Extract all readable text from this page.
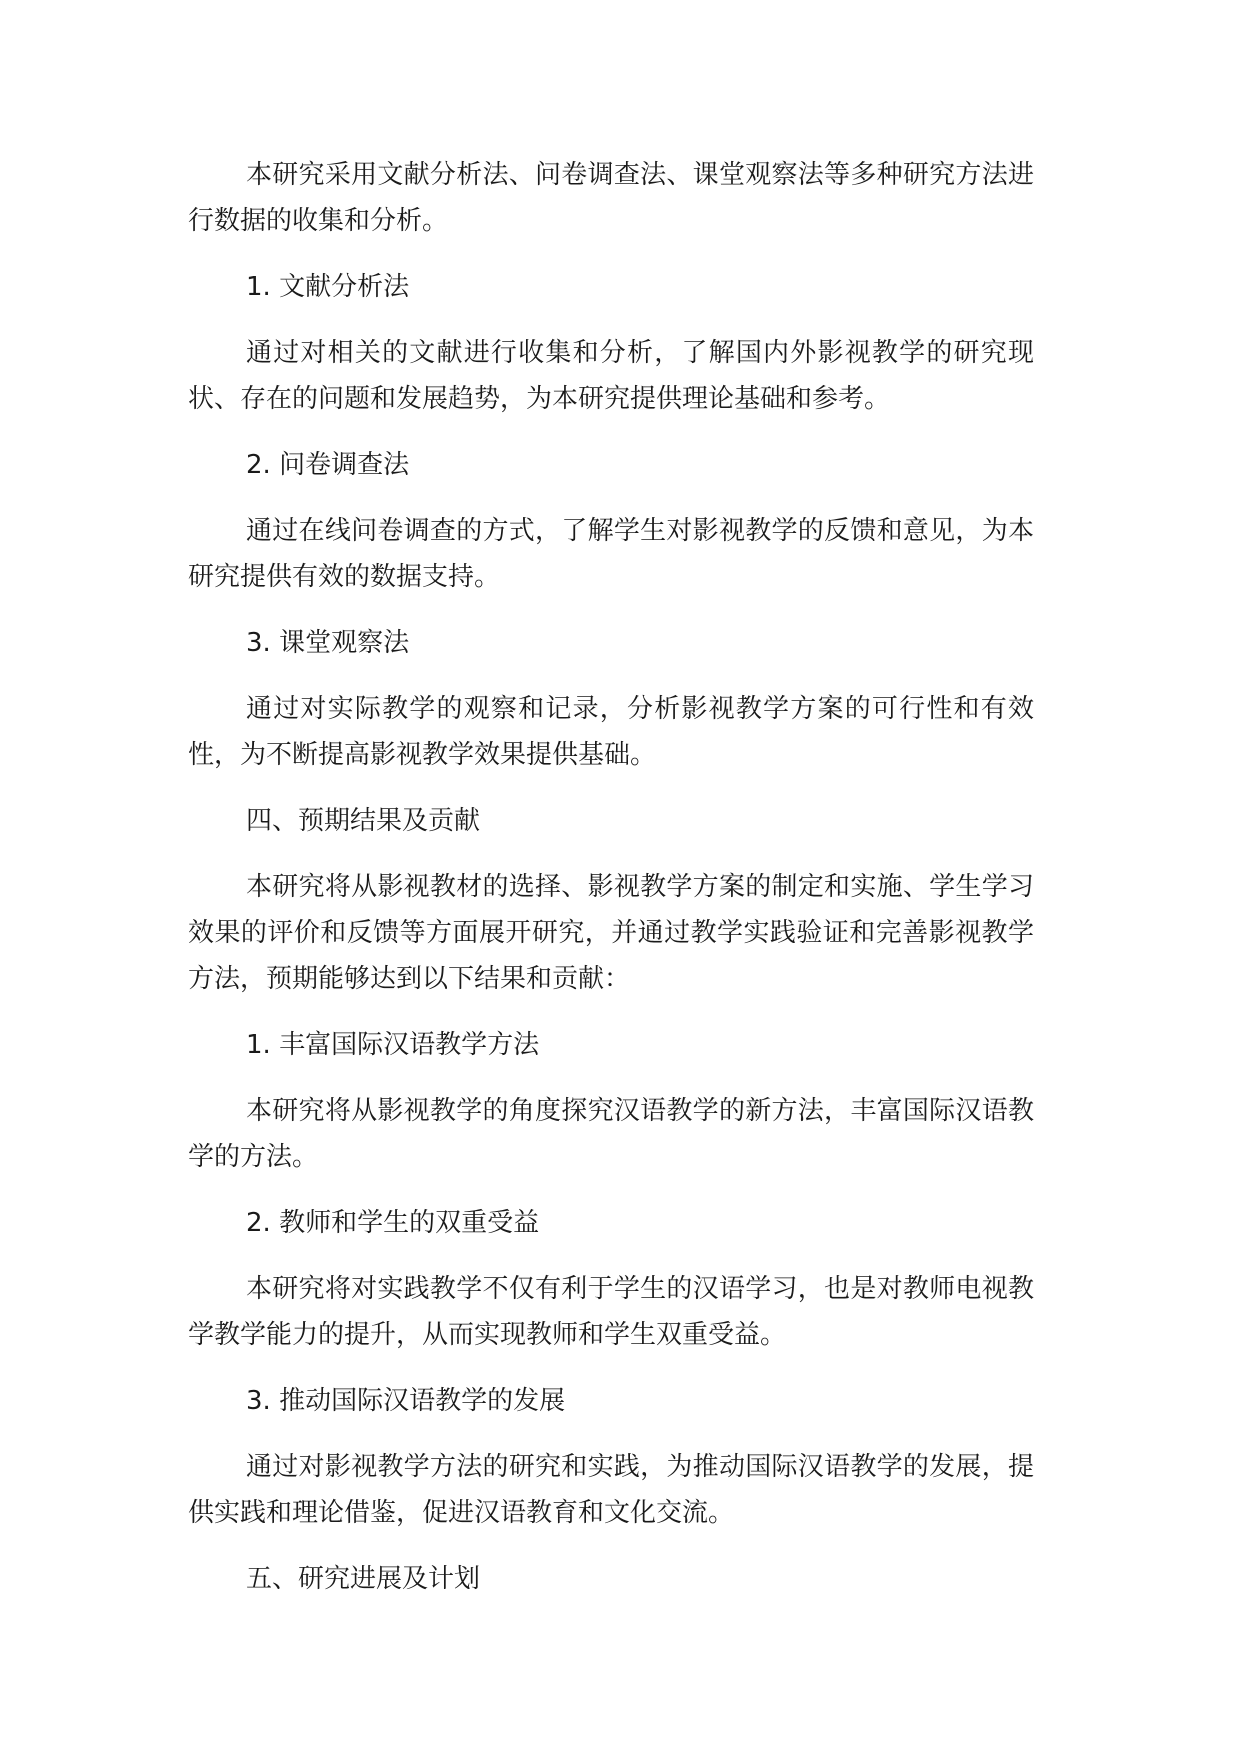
本研究采用文献分析法、问卷调查法、课堂观察法等多种研究方法进行数据的收集和分析。

1. 文献分析法

通过对相关的文献进行收集和分析，了解国内外影视教学的研究现状、存在的问题和发展趋势，为本研究提供理论基础和参考。

2. 问卷调查法

通过在线问卷调查的方式，了解学生对影视教学的反馈和意见，为本研究提供有效的数据支持。

3. 课堂观察法

通过对实际教学的观察和记录，分析影视教学方案的可行性和有效性，为不断提高影视教学效果提供基础。

四、预期结果及贡献

本研究将从影视教材的选择、影视教学方案的制定和实施、学生学习效果的评价和反馈等方面展开研究，并通过教学实践验证和完善影视教学方法，预期能够达到以下结果和贡献：

1. 丰富国际汉语教学方法

本研究将从影视教学的角度探究汉语教学的新方法，丰富国际汉语教学的方法。

2. 教师和学生的双重受益

本研究将对实践教学不仅有利于学生的汉语学习，也是对教师电视教学教学能力的提升，从而实现教师和学生双重受益。

3. 推动国际汉语教学的发展

通过对影视教学方法的研究和实践，为推动国际汉语教学的发展，提供实践和理论借鉴，促进汉语教育和文化交流。

五、研究进展及计划
